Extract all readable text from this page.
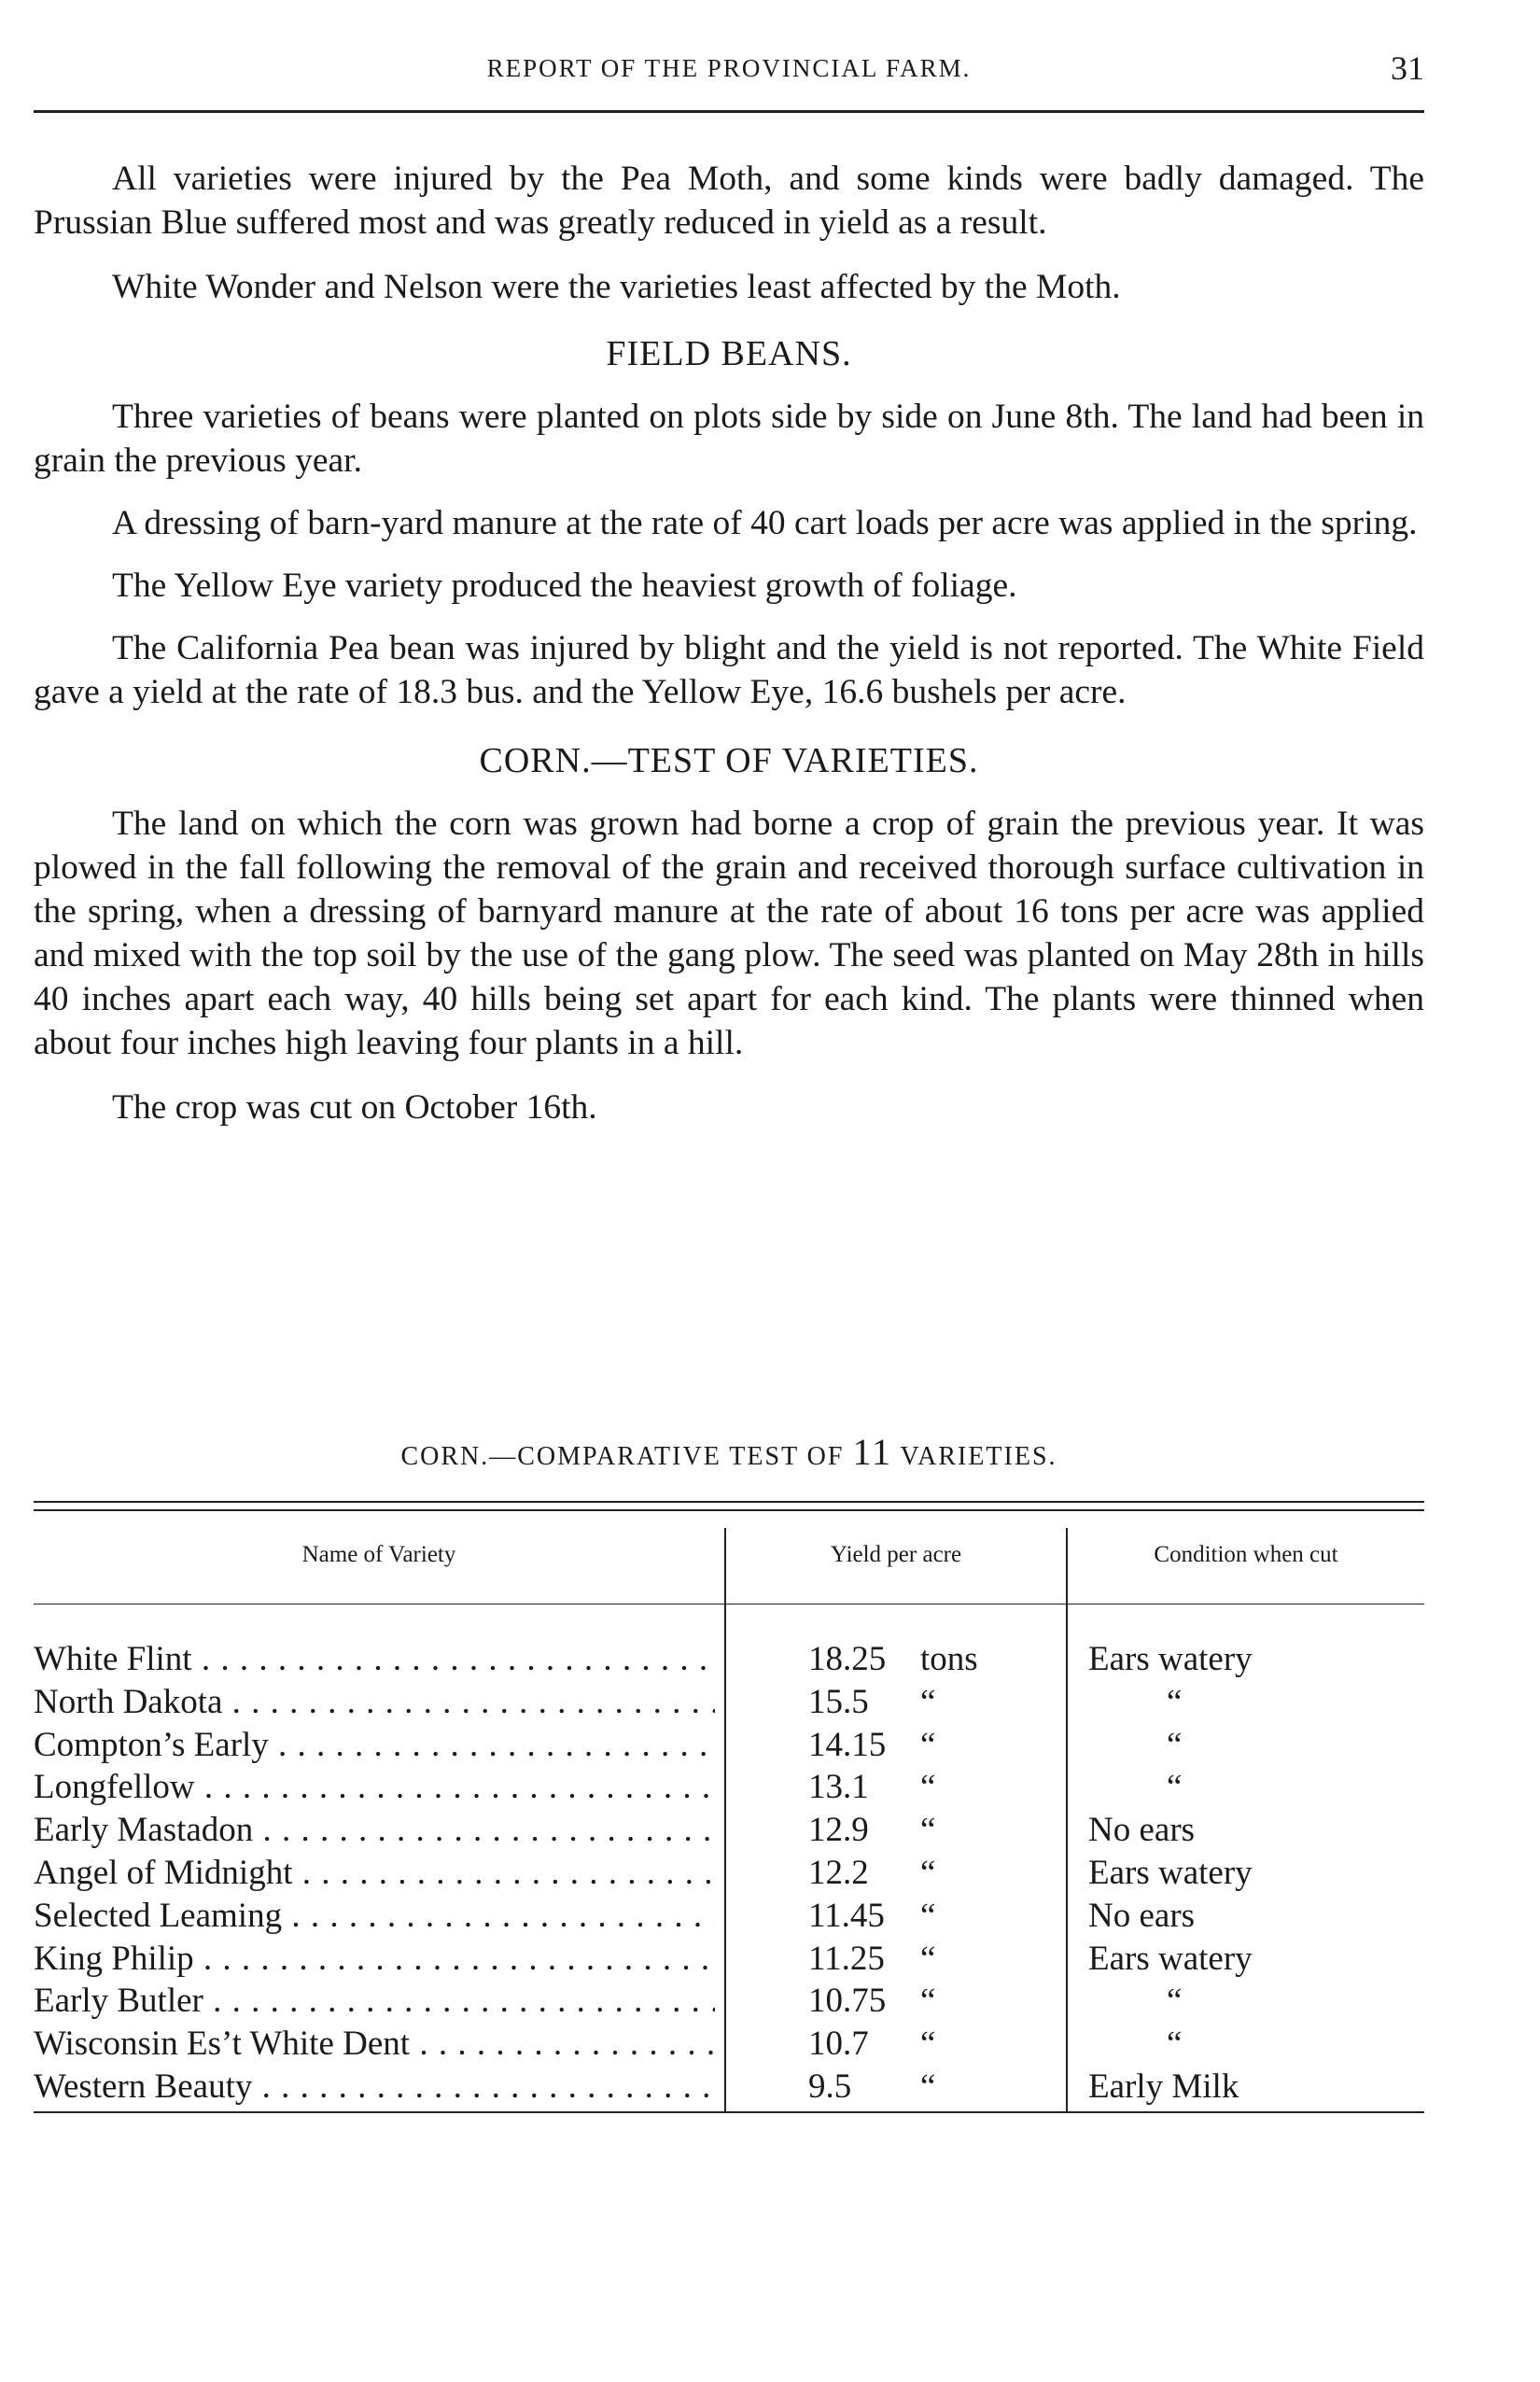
REPORT OF THE PROVINCIAL FARM.	31

All varieties were injured by the Pea Moth, and some kinds were badly damaged. The Prussian Blue suffered most and was greatly reduced in yield as a result.

White Wonder and Nelson were the varieties least affected by the Moth.

FIELD BEANS.

Three varieties of beans were planted on plots side by side on June 8th. The land had been in grain the previous year.

A dressing of barn-yard manure at the rate of 40 cart loads per acre was applied in the spring.

The Yellow Eye variety produced the heaviest growth of foliage.

The California Pea bean was injured by blight and the yield is not reported. The White Field gave a yield at the rate of 18.3 bus. and the Yellow Eye, 16.6 bushels per acre.

CORN.—TEST OF VARIETIES.

The land on which the corn was grown had borne a crop of grain the previous year. It was plowed in the fall following the removal of the grain and received thorough surface cultivation in the spring, when a dressing of barnyard manure at the rate of about 16 tons per acre was applied and mixed with the top soil by the use of the gang plow. The seed was planted on May 28th in hills 40 inches apart each way, 40 hills being set apart for each kind. The plants were thinned when about four inches high leaving four plants in a hill.

The crop was cut on October 16th.

CORN.—COMPARATIVE TEST OF 11 VARIETIES.
Name of Variety	Yield per acre	Condition when cut
White Flint . . .	18.25 tons	Ears watery
North Dakota . . .	15.5 “	“
Compton’s Early . . .	14.15 “	“
Longfellow . . .	13.1 “	“
Early Mastadon . . .	12.9 “	No ears
Angel of Midnight . . .	12.2 “	Ears watery
Selected Leaming . . .	11.45 “	No ears
King Philip . . .	11.25 “	Ears watery
Early Butler . . .	10.75 “	“
Wisconsin Es’t White Dent . . .	10.7 “	“
Western Beauty . . .	9.5 “	Early Milk
